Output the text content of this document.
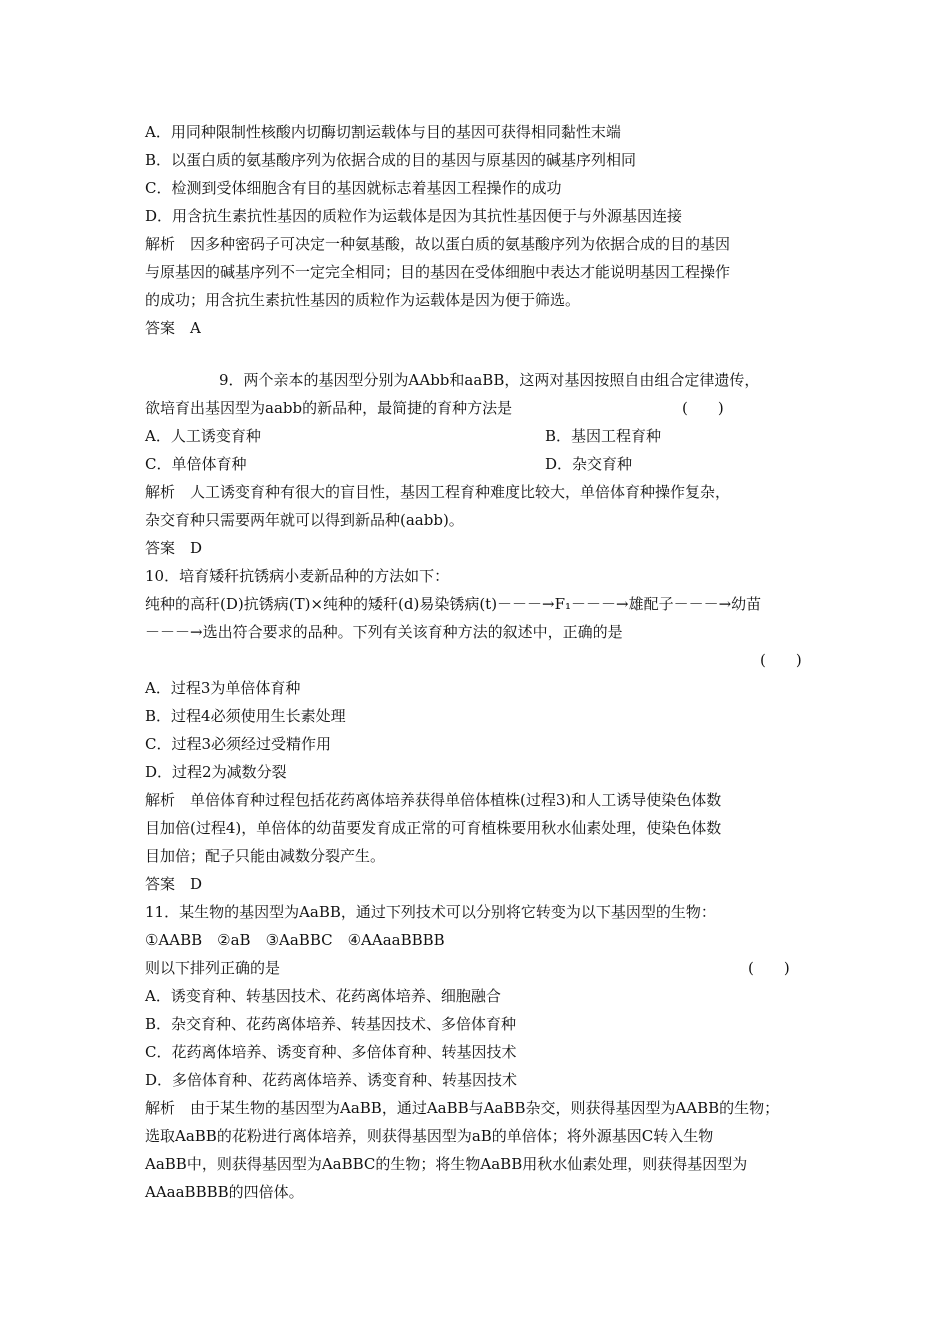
A．用同种限制性核酸内切酶切割运载体与目的基因可获得相同黏性末端
B．以蛋白质的氨基酸序列为依据合成的目的基因与原基因的碱基序列相同
C．检测到受体细胞含有目的基因就标志着基因工程操作的成功
D．用含抗生素抗性基因的质粒作为运载体是因为其抗性基因便于与外源基因连接
解析　因多种密码子可决定一种氨基酸，故以蛋白质的氨基酸序列为依据合成的目的基因
与原基因的碱基序列不一定完全相同；目的基因在受体细胞中表达才能说明基因工程操作
的成功；用含抗生素抗性基因的质粒作为运载体是因为便于筛选。
答案　A
9．两个亲本的基因型分别为AAbb和aaBB，这两对基因按照自由组合定律遗传，
欲培育出基因型为aabb的新品种，最简捷的育种方法是	(　　)
A．人工诱变育种	B．基因工程育种
C．单倍体育种	D．杂交育种
解析　人工诱变育种有很大的盲目性，基因工程育种难度比较大，单倍体育种操作复杂，
杂交育种只需要两年就可以得到新品种(aabb)。
答案　D
10．培育矮秆抗锈病小麦新品种的方法如下：
纯种的高秆(D)抗锈病(T)×纯种的矮秆(d)易染锈病(t)－－－→F₁－－－→雄配子－－－→幼苗
－－－→选出符合要求的品种。下列有关该育种方法的叙述中，正确的是
(　　)
A．过程3为单倍体育种
B．过程4必须使用生长素处理
C．过程3必须经过受精作用
D．过程2为减数分裂
解析　单倍体育种过程包括花药离体培养获得单倍体植株(过程3)和人工诱导使染色体数
目加倍(过程4)，单倍体的幼苗要发育成正常的可育植株要用秋水仙素处理，使染色体数
目加倍；配子只能由减数分裂产生。
答案　D
11．某生物的基因型为AaBB，通过下列技术可以分别将它转变为以下基因型的生物：
①AABB　②aB　③AaBBC　④AAaaBBBB
则以下排列正确的是	(　　)
A．诱变育种、转基因技术、花药离体培养、细胞融合
B．杂交育种、花药离体培养、转基因技术、多倍体育种
C．花药离体培养、诱变育种、多倍体育种、转基因技术
D．多倍体育种、花药离体培养、诱变育种、转基因技术
解析　由于某生物的基因型为AaBB，通过AaBB与AaBB杂交，则获得基因型为AABB的生物；
选取AaBB的花粉进行离体培养，则获得基因型为aB的单倍体；将外源基因C转入生物
AaBB中，则获得基因型为AaBBC的生物；将生物AaBB用秋水仙素处理，则获得基因型为
AAaaBBBB的四倍体。
